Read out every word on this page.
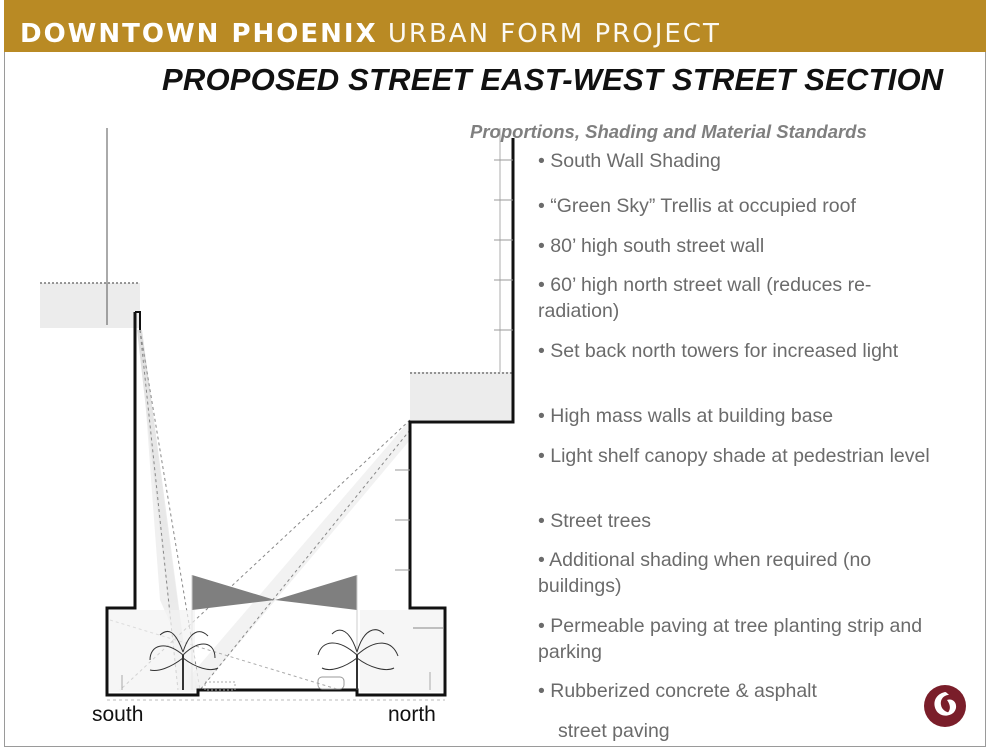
DOWNTOWN PHOENIX URBAN FORM PROJECT
PROPOSED STREET EAST-WEST STREET SECTION
Proportions, Shading and Material Standards
south	north
• South Wall Shading
• “Green Sky” Trellis at occupied roof
• 80’ high south street wall
• 60’ high north street wall (reduces re-radiation)
• Set back north towers for increased light
• High mass walls at building base
• Light shelf canopy shade at pedestrian level
• Street trees
• Additional shading when required (no buildings)
• Permeable paving at tree planting strip and parking
• Rubberized concrete & asphalt
street paving
